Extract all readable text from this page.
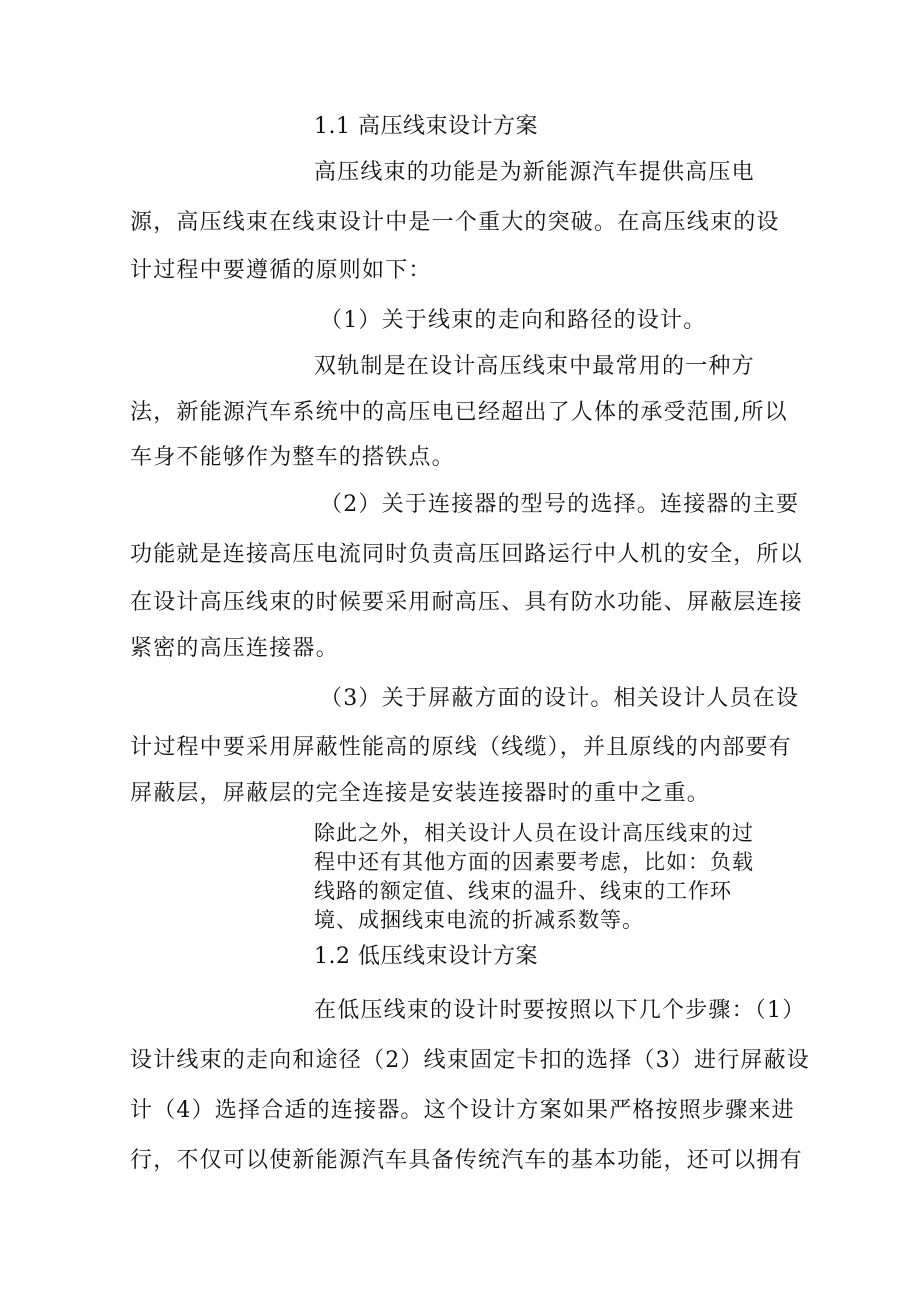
1.1 高压线束设计方案
高压线束的功能是为新能源汽车提供高压电
源，高压线束在线束设计中是一个重大的突破。在高压线束的设
计过程中要遵循的原则如下：
（1）关于线束的走向和路径的设计。
双轨制是在设计高压线束中最常用的一种方
法，新能源汽车系统中的高压电已经超出了人体的承受范围,所以
车身不能够作为整车的搭铁点。
（2）关于连接器的型号的选择。连接器的主要
功能就是连接高压电流同时负责高压回路运行中人机的安全，所以
在设计高压线束的时候要采用耐高压、具有防水功能、屏蔽层连接
紧密的高压连接器。
（3）关于屏蔽方面的设计。相关设计人员在设
计过程中要采用屏蔽性能高的原线（线缆），并且原线的内部要有
屏蔽层，屏蔽层的完全连接是安装连接器时的重中之重。
除此之外，相关设计人员在设计高压线束的过
程中还有其他方面的因素要考虑，比如：负载
线路的额定值、线束的温升、线束的工作环
境、成捆线束电流的折减系数等。
1.2 低压线束设计方案
在低压线束的设计时要按照以下几个步骤：（1）
设计线束的走向和途径（2）线束固定卡扣的选择（3）进行屏蔽设
计（4）选择合适的连接器。这个设计方案如果严格按照步骤来进
行，不仅可以使新能源汽车具备传统汽车的基本功能，还可以拥有
